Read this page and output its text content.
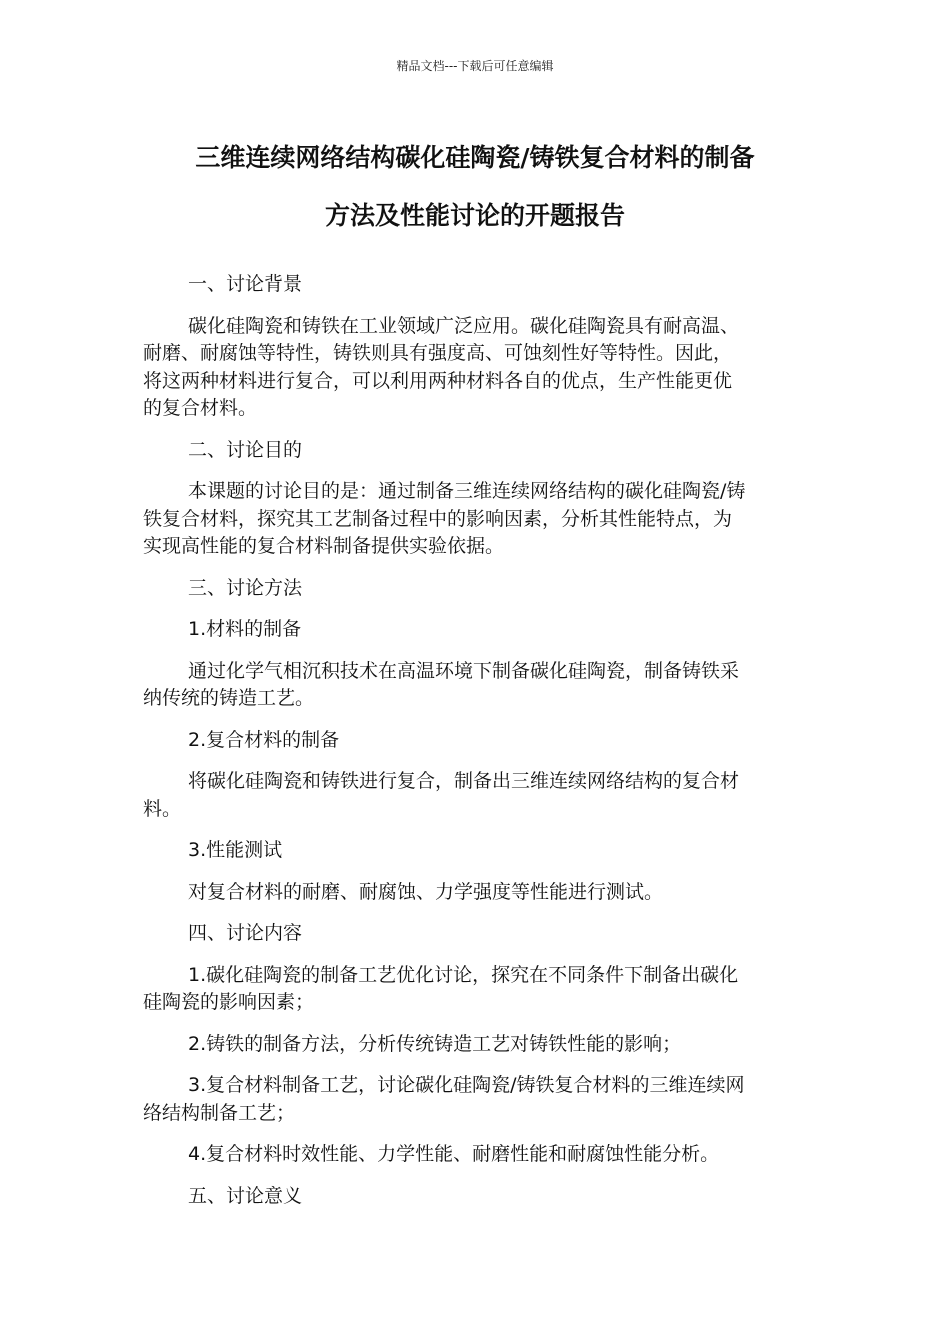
精品文档---下载后可任意编辑
三维连续网络结构碳化硅陶瓷/铸铁复合材料的制备
方法及性能讨论的开题报告

一、讨论背景

碳化硅陶瓷和铸铁在工业领域广泛应用。碳化硅陶瓷具有耐高温、
耐磨、耐腐蚀等特性，铸铁则具有强度高、可蚀刻性好等特性。因此，
将这两种材料进行复合，可以利用两种材料各自的优点，生产性能更优
的复合材料。

二、讨论目的

本课题的讨论目的是：通过制备三维连续网络结构的碳化硅陶瓷/铸
铁复合材料，探究其工艺制备过程中的影响因素，分析其性能特点，为
实现高性能的复合材料制备提供实验依据。

三、讨论方法

1.材料的制备

通过化学气相沉积技术在高温环境下制备碳化硅陶瓷，制备铸铁采
纳传统的铸造工艺。

2.复合材料的制备

将碳化硅陶瓷和铸铁进行复合，制备出三维连续网络结构的复合材
料。

3.性能测试

对复合材料的耐磨、耐腐蚀、力学强度等性能进行测试。

四、讨论内容

1.碳化硅陶瓷的制备工艺优化讨论，探究在不同条件下制备出碳化
硅陶瓷的影响因素；

2.铸铁的制备方法，分析传统铸造工艺对铸铁性能的影响；

3.复合材料制备工艺，讨论碳化硅陶瓷/铸铁复合材料的三维连续网
络结构制备工艺；

4.复合材料时效性能、力学性能、耐磨性能和耐腐蚀性能分析。

五、讨论意义
